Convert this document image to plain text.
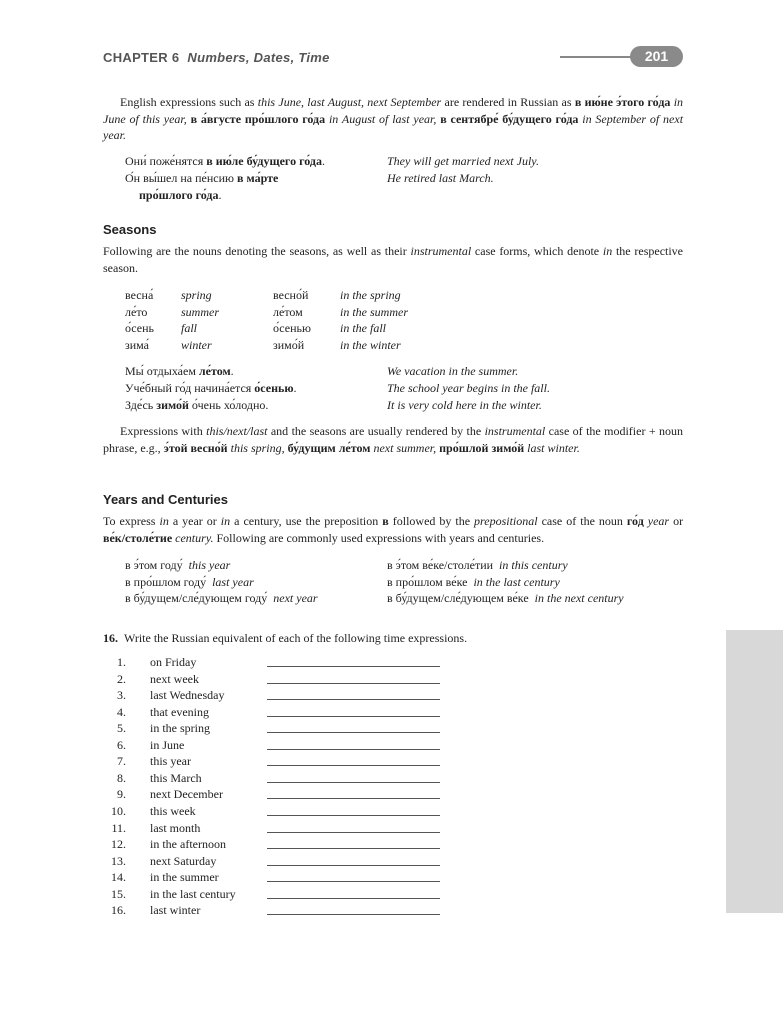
CHAPTER 6 Numbers, Dates, Time	201
English expressions such as this June, last August, next September are rendered in Russian as в ию́не э́того го́да in June of this year, в а́вгусте про́шлого го́да in August of last year, в сентябре́ бу́дущего го́да in September of next year.
Они́ поже́нятся в ию́ле бу́дущего го́да.	They will get married next July.
О́н вы́шел на пе́нсию в ма́рте	He retired last March.
про́шлого го́да.
Seasons
Following are the nouns denoting the seasons, as well as their instrumental case forms, which denote in the respective season.
весна́ spring	весно́й	in the spring
ле́то	summer	ле́том	in the summer
о́сень fall	о́сенью in the fall
зима́	winter	зимо́й	in the winter
Мы́ отдыха́ем ле́том.	We vacation in the summer.
Уче́бный го́д начина́ется о́сенью.	The school year begins in the fall.
Зде́сь зимо́й о́чень хо́лодно.	It is very cold here in the winter.
Expressions with this/next/last and the seasons are usually rendered by the instrumental case of the modifier + noun phrase, e.g., э́той весно́й this spring, бу́дущим ле́том next summer, про́шлой зимо́й last winter.
Years and Centuries
To express in a year or in a century, use the preposition в followed by the prepositional case of the noun го́д year or ве́к/столе́тие century. Following are commonly used expressions with years and centuries.
в э́том году́ this year	в э́том ве́ке/столе́тии in this century
в про́шлом году́ last year	в про́шлом ве́ке in the last century
в бу́дущем/сле́дующем году́ next year	в бу́дущем/сле́дующем ве́ке in the next century
16. Write the Russian equivalent of each of the following time expressions.
1. on Friday
2. next week
3. last Wednesday
4. that evening
5. in the spring
6. in June
7. this year
8. this March
9. next December
10. this week
11. last month
12. in the afternoon
13. next Saturday
14. in the summer
15. in the last century
16. last winter
